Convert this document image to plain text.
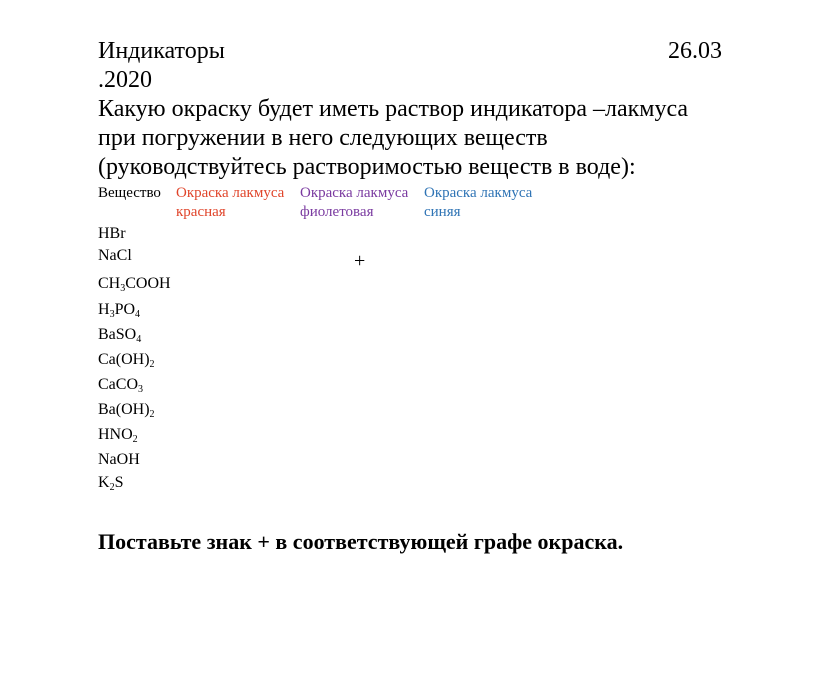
Индикаторы	26.03
.2020
Какую окраску будет иметь раствор индикатора –лакмуса
при погружении в него следующих веществ
(руководствуйтесь растворимостью веществ в воде):
Вещество Окраска лакмуса
красная
Окраска лакмуса
фиолетовая
Окраска лакмуса
синяя
HBr
NaCl	+
$CH_3COOH$
$H_3PO_4$
BaSO$_4$
$Ca(OH)_2$
CaCO$_3$
$Ba(OH)_2$
$HNO_2$
NaOH
$K_2S$
Поставьте знак + в соответствующей графе окраска.
